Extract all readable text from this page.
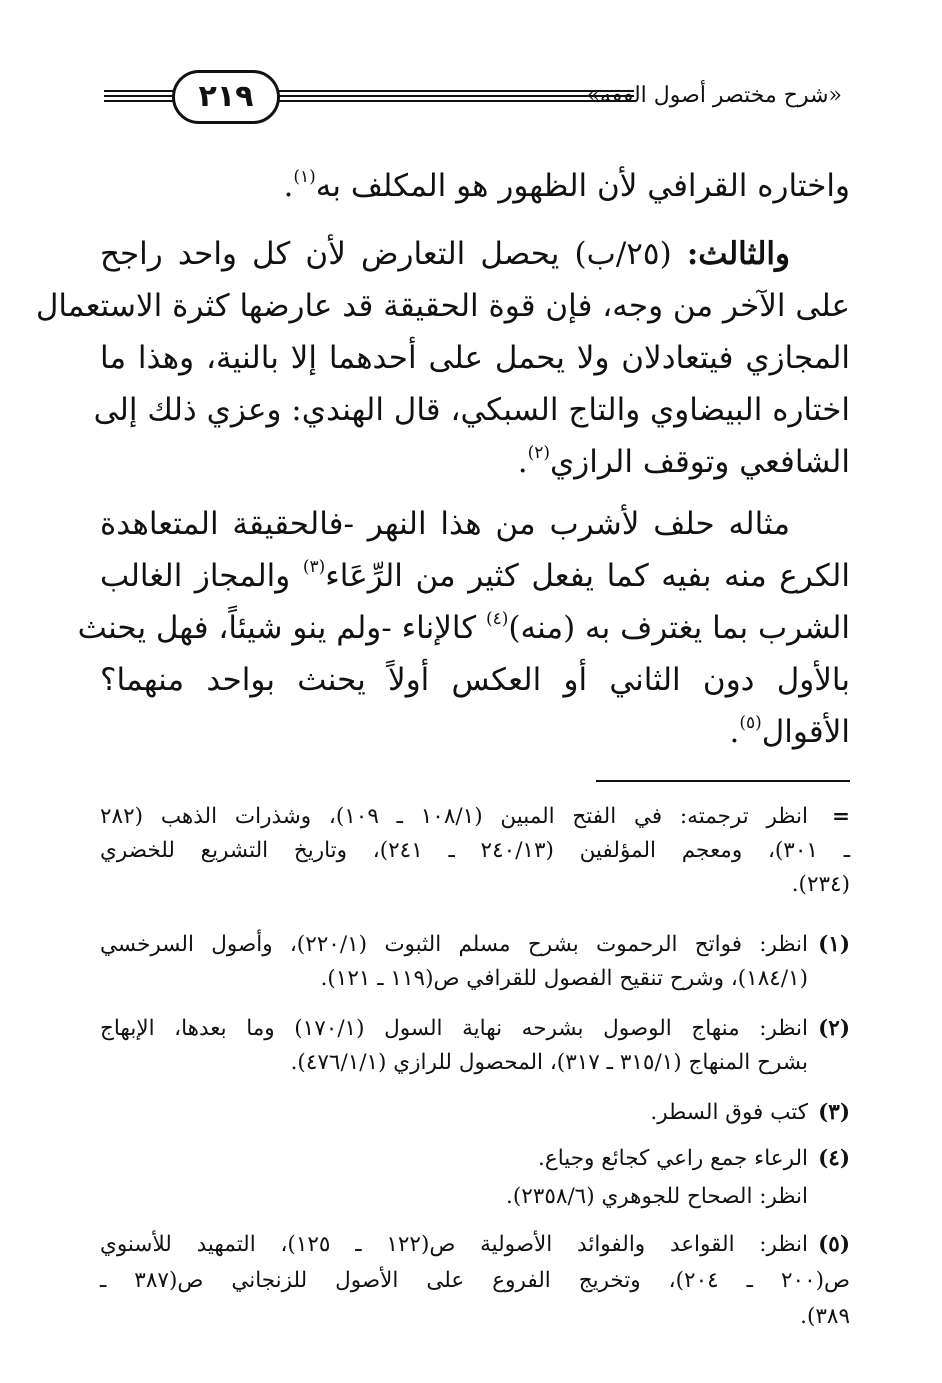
٢١٩	«شرح مختصر أصول الفقه»
واختاره القرافي لأن الظهور هو المكلف به$^{(١)}$.
والثالث: (٢٥/ب) يحصل التعارض لأن كل واحد راجح
على الآخر من وجه، فإن قوة الحقيقة قد عارضها كثرة الاستعمال
المجازي فيتعادلان ولا يحمل على أحدهما إلا بالنية، وهذا ما
اختاره البيضاوي والتاج السبكي، قال الهندي: وعزي ذلك إلى
الشافعي وتوقف الرازي$^{(٢)}$.
مثاله حلف لأشرب من هذا النهر -فالحقيقة المتعاهدة
الكرع منه بفيه كما يفعل كثير من الرِّعَاء$^{(٣)}$ والمجاز الغالب
الشرب بما يغترف به (منه)$^{(٤)}$ كالإناء -ولم ينو شيئاً، فهل يحنث
بالأول دون الثاني أو العكس أولاً يحنث بواحد منهما؟
الأقوال$^{(٥)}$.
=
انظر ترجمته: في الفتح المبين (١٠٨/١ ـ ١٠٩)، وشذرات الذهب (٢٨٢
ـ ٣٠١)، ومعجم المؤلفين (٢٤٠/١٣ ـ ٢٤١)، وتاريخ التشريع للخضري
(٢٣٤).
(١)
انظر: فواتح الرحموت بشرح مسلم الثبوت (٢٢٠/١)، وأصول السرخسي
(١٨٤/١)، وشرح تنقيح الفصول للقرافي ص(١١٩ ـ ١٢١).
(٢)
انظر: منهاج الوصول بشرحه نهاية السول (١٧٠/١) وما بعدها، الإبهاج
بشرح المنهاج (٣١٥/١ ـ ٣١٧)، المحصول للرازي (٤٧٦/١/١).
(٣)
كتب فوق السطر.
(٤)
الرعاء جمع راعي كجائع وجياع.
انظر: الصحاح للجوهري (٢٣٥٨/٦).
(٥)
انظر: القواعد والفوائد الأصولية ص(١٢٢ ـ ١٢٥)، التمهيد للأسنوي
ص(٢٠٠ ـ ٢٠٤)، وتخريج الفروع على الأصول للزنجاني ص(٣٨٧ ـ
٣٨٩).
